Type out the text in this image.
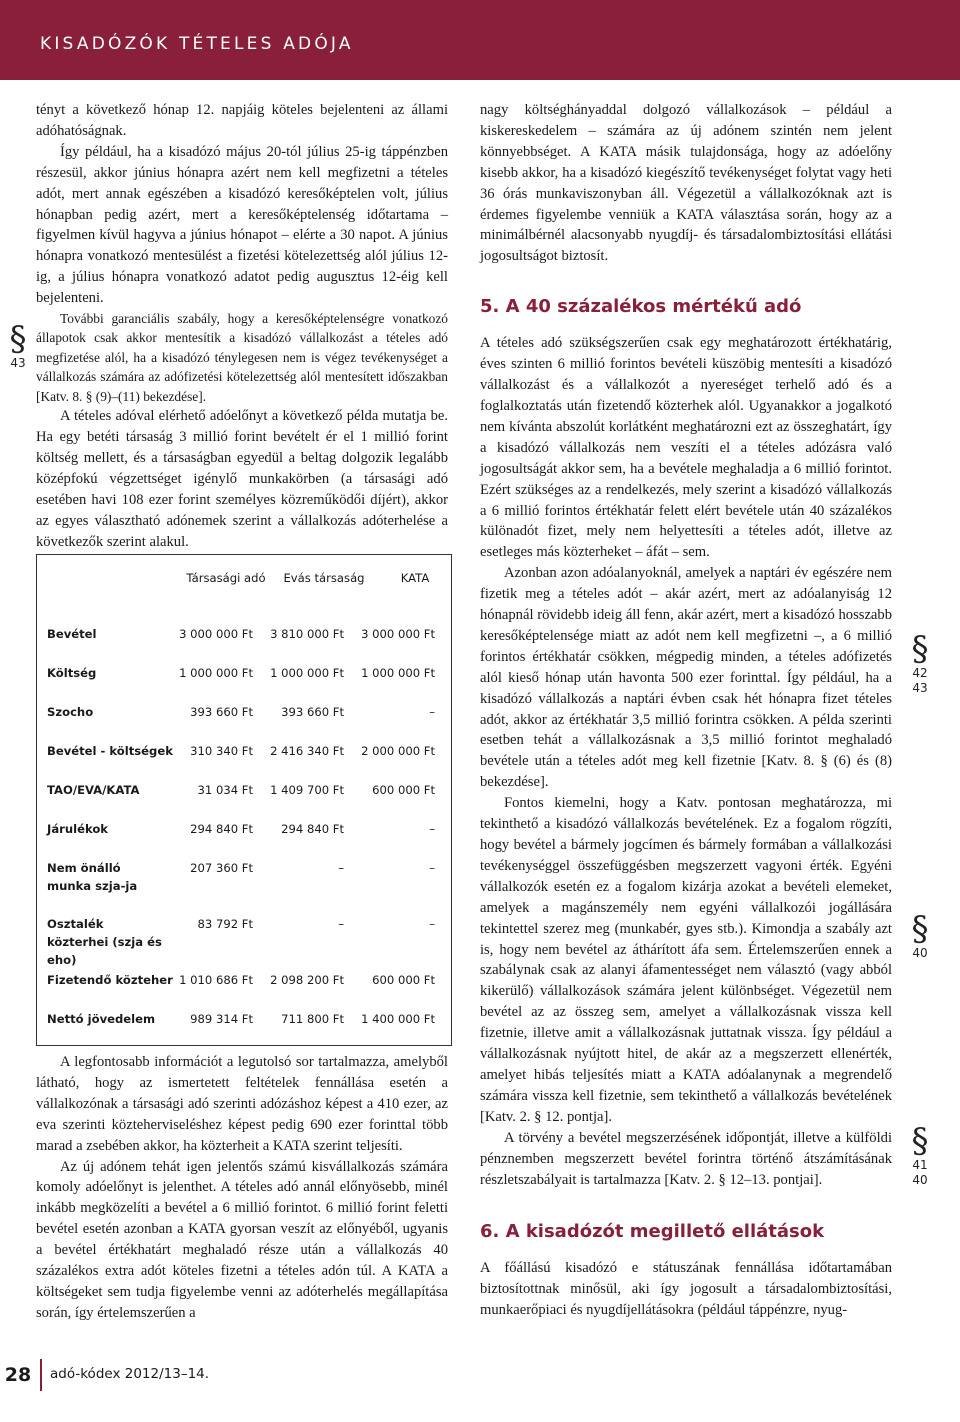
KISADÓZÓK TÉTELES ADÓJA
§
43

tényt a következő hónap 12. napjáig köteles bejelenteni az állami adóhatóságnak.

Így például, ha a kisadózó május 20-tól július 25-ig táppénzben részesül, akkor június hónapra azért nem kell megfizetni a tételes adót, mert annak egészében a kisadózó keresőképtelen volt, július hónapban pedig azért, mert a keresőképtelenség időtartama – figyelmen kívül hagyva a június hónapot – elérte a 30 napot. A június hónapra vonatkozó mentesülést a fizetési kötelezettség alól július 12-ig, a július hónapra vonatkozó adatot pedig augusztus 12-éig kell bejelenteni.

További garanciális szabály, hogy a keresőképtelenségre vonatkozó állapotok csak akkor mentesítik a kisadózó vállalkozást a tételes adó megfizetése alól, ha a kisadózó ténylegesen nem is végez tevékenységet a vállalkozás számára az adófizetési kötelezettség alól mentesített időszakban [Katv. 8. § (9)–(11) bekezdése].

A tételes adóval elérhető adóelőnyt a következő példa mutatja be. Ha egy betéti társaság 3 millió forint bevételt ér el 1 millió forint költség mellett, és a társaságban egyedül a beltag dolgozik legalább középfokú végzettséget igénylő munkakörben (a társasági adó esetében havi 108 ezer forint személyes közreműködői díjért), akkor az egyes választható adónemek szerint a vállalkozás adóterhelése a következők szerint alakul.

Társasági adó Evás társaság	KATA
Bevétel	3 000 000 Ft 3 810 000 Ft 3 000 000 Ft
Költség	1 000 000 Ft 1 000 000 Ft 1 000 000 Ft
Szocho	393 660 Ft 393 660 Ft	–
Bevétel - költségek 310 340 Ft 2 416 340 Ft 2 000 000 Ft
TAO/EVA/KATA	31 034 Ft 1 409 700 Ft 600 000 Ft
Járulékok	294 840 Ft 294 840 Ft	–
Nem önálló munka szja-ja
207 360 Ft	–	–
Osztalék közterhei (szja és eho)
83 792 Ft	–	–
Fizetendő közteher 1 010 686 Ft 2 098 200 Ft 600 000 Ft
Nettó jövedelem	989 314 Ft 711 800 Ft 1 400 000 Ft

A legfontosabb információt a legutolsó sor tartalmazza, amelyből látható, hogy az ismertetett feltételek fennállása esetén a vállalkozónak a társasági adó szerinti adózáshoz képest a 410 ezer, az eva szerinti közteherviseléshez képest pedig 690 ezer forinttal több marad a zsebében akkor, ha közterheit a KATA szerint teljesíti.

Az új adónem tehát igen jelentős számú kisvállalkozás számára komoly adóelőnyt is jelenthet. A tételes adó annál előnyösebb, minél inkább megközelíti a bevétel a 6 millió forintot. 6 millió forint feletti bevétel esetén azonban a KATA gyorsan veszít az előnyéből, ugyanis a bevétel értékhatárt meghaladó része után a vállalkozás 40 százalékos extra adót köteles fizetni a tételes adón túl. A KATA a költségeket sem tudja figyelembe venni az adóterhelés megállapítása során, így értelemszerűen a

nagy költséghányaddal dolgozó vállalkozások – például a kiskereskedelem – számára az új adónem szintén nem jelent könnyebbséget. A KATA másik tulajdonsága, hogy az adóelőny kisebb akkor, ha a kisadózó kiegészítő tevékenységet folytat vagy heti 36 órás munkaviszonyban áll. Végezetül a vállalkozóknak azt is érdemes figyelembe venniük a KATA választása során, hogy az a minimálbérnél alacsonyabb nyugdíj- és társadalombiztosítási ellátási jogosultságot biztosít.

5. A 40 százalékos mértékű adó

A tételes adó szükségszerűen csak egy meghatározott értékhatárig, éves szinten 6 millió forintos bevételi küszöbig mentesíti a kisadózó vállalkozást és a vállalkozót a nyereséget terhelő adó és a foglalkoztatás után fizetendő közterhek alól. Ugyanakkor a jogalkotó nem kívánta abszolút korlátként meghatározni ezt az összeghatárt, így a kisadózó vállalkozás nem veszíti el a tételes adózásra való jogosultságát akkor sem, ha a bevétele meghaladja a 6 millió forintot. Ezért szükséges az a rendelkezés, mely szerint a kisadózó vállalkozás a 6 millió forintos értékhatár felett elért bevétele után 40 százalékos különadót fizet, mely nem helyettesíti a tételes adót, illetve az esetleges más közterheket – áfát – sem.

Azonban azon adóalanyoknál, amelyek a naptári év egészére nem fizetik meg a tételes adót – akár azért, mert az adóalanyiság 12 hónapnál rövidebb ideig áll fenn, akár azért, mert a kisadózó hosszabb keresőképtelensége miatt az adót nem kell megfizetni –, a 6 millió forintos értékhatár csökken, mégpedig minden, a tételes adófizetés alól kieső hónap után havonta 500 ezer forinttal. Így például, ha a kisadózó vállalkozás a naptári évben csak hét hónapra fizet tételes adót, akkor az értékhatár 3,5 millió forintra csökken. A példa szerinti esetben tehát a vállalkozásnak a 3,5 millió forintot meghaladó bevétele után a tételes adót meg kell fizetnie [Katv. 8. § (6) és (8) bekezdése].

Fontos kiemelni, hogy a Katv. pontosan meghatározza, mi tekinthető a kisadózó vállalkozás bevételének. Ez a fogalom rögzíti, hogy bevétel a bármely jogcímen és bármely formában a vállalkozási tevékenységgel összefüggésben megszerzett vagyoni érték. Egyéni vállalkozók esetén ez a fogalom kizárja azokat a bevételi elemeket, amelyek a magánszemély nem egyéni vállalkozói jogállására tekintettel szerez meg (munkabér, gyes stb.). Kimondja a szabály azt is, hogy nem bevétel az áthárított áfa sem. Értelemszerűen ennek a szabálynak csak az alanyi áfamentességet nem választó (vagy abból kikerülő) vállalkozások számára jelent különbséget. Végezetül nem bevétel az az összeg sem, amelyet a vállalkozásnak vissza kell fizetnie, illetve amit a vállalkozásnak juttatnak vissza. Így például a vállalkozásnak nyújtott hitel, de akár az a megszerzett ellenérték, amelyet hibás teljesítés miatt a KATA adóalanynak a megrendelő számára vissza kell fizetnie, sem tekinthető a vállalkozás bevételének [Katv. 2. § 12. pontja].

A törvény a bevétel megszerzésének időpontját, illetve a külföldi pénznemben megszerzett bevétel forintra történő átszámításának részletszabályait is tartalmazza [Katv. 2. § 12–13. pontjai].

6. A kisadózót megillető ellátások

A főállású kisadózó e státuszának fennállása időtartamában biztosítottnak minősül, aki így jogosult a társadalombiztosítási, munkaerőpiaci és nyugdíjellátásokra (például táppénzre, nyug-

§
42
43
§
40
§
41
40
28	adó-kódex 2012/13–14.
